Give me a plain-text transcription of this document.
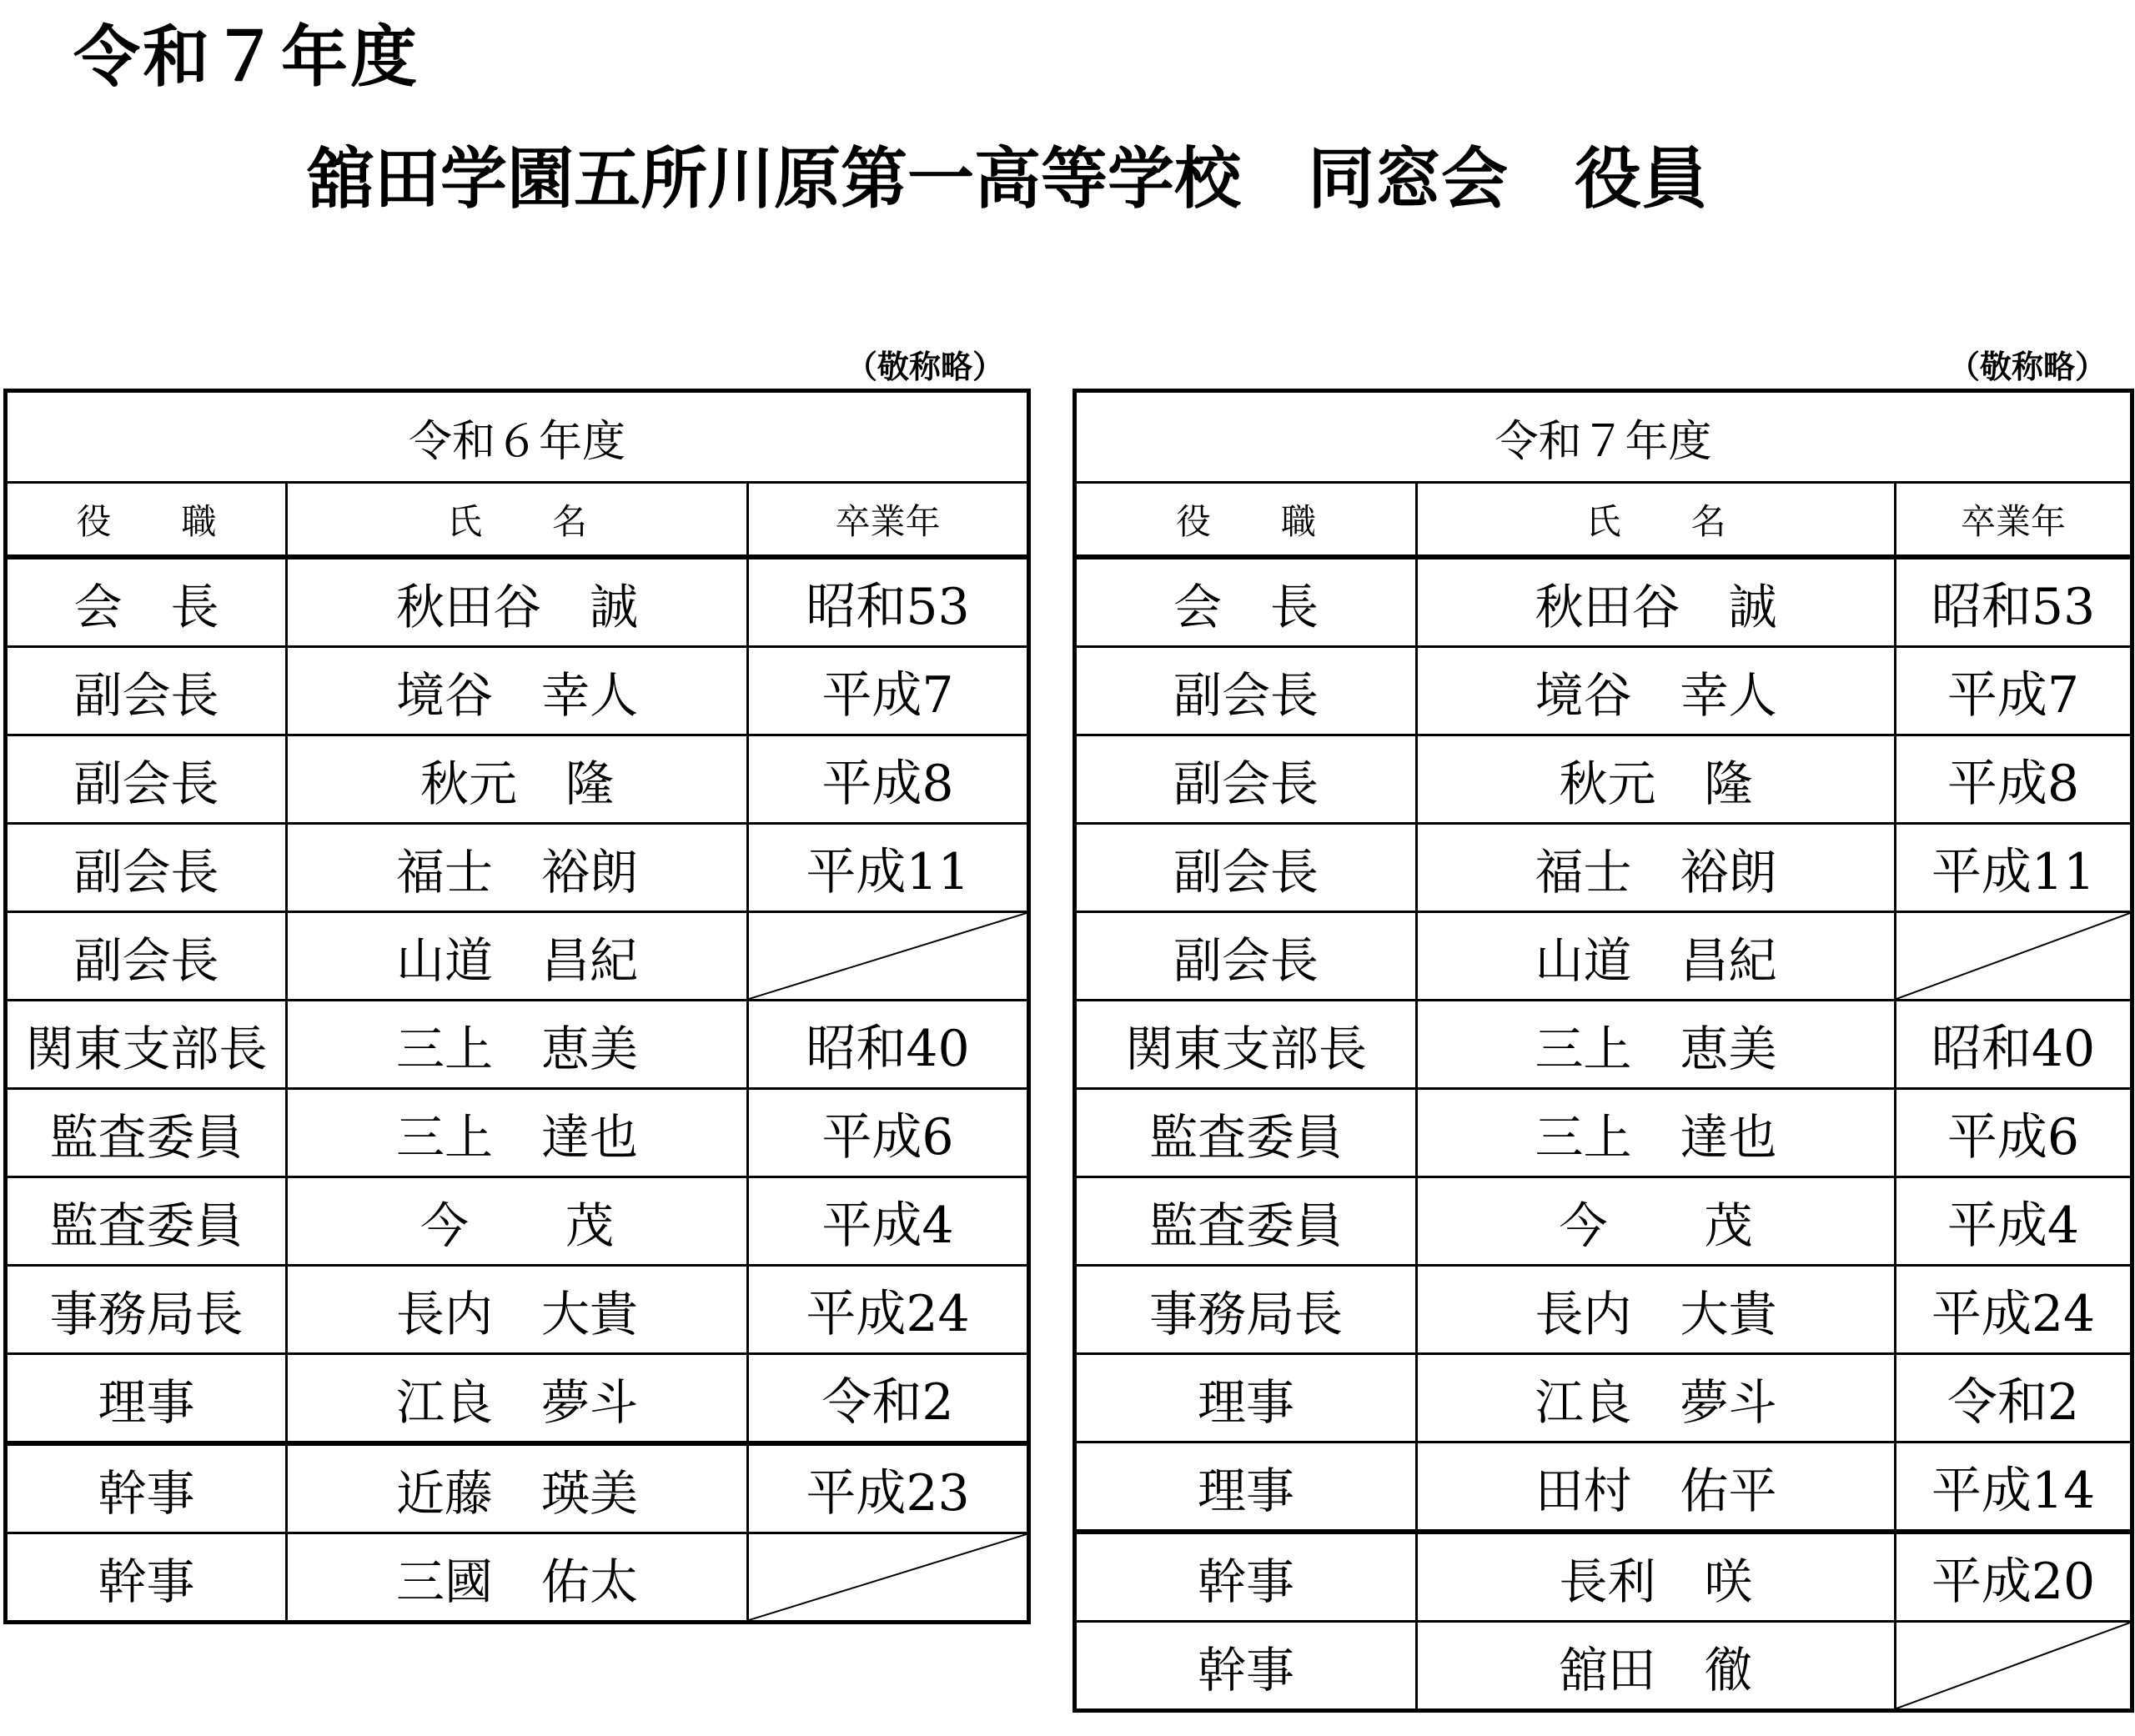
令和７年度
舘田学園五所川原第一高等学校　同窓会　役員
（敬称略）	（敬称略）
令和６年度		
役　　職	氏　　名	卒業年
会　長	秋田谷　誠	昭和53
副会長	境谷　幸人	平成7
副会長	秋元　隆	平成8
副会長	福士　裕朗	平成11
副会長	山道　昌紀	

関東支部長	三上　恵美	昭和40
監査委員	三上　達也	平成6
監査委員	今　　茂	平成4
事務局長	長内　大貴	平成24
理事	江良　夢斗	令和2
幹事	近藤　瑛美	平成23
幹事	三國　佑太	
令和７年度		
役　　職	氏　　名	卒業年
会　長	秋田谷　誠	昭和53
副会長	境谷　幸人	平成7
副会長	秋元　隆	平成8
副会長	福士　裕朗	平成11
副会長	山道　昌紀	

関東支部長	三上　恵美	昭和40
監査委員	三上　達也	平成6
監査委員	今　　茂	平成4
事務局長	長内　大貴	平成24
理事	江良　夢斗	令和2
理事	田村　佑平	平成14
幹事	長利　咲	平成20
幹事	舘田　徹	
